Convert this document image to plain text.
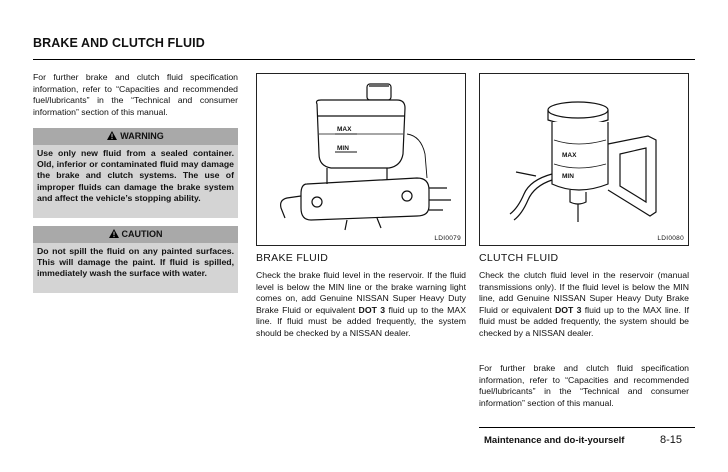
BRAKE AND CLUTCH FLUID
For further brake and clutch fluid specification information, refer to “Capacities and recommended fuel/lubricants” in the “Technical and consumer information” section of this manual.
WARNING
Use only new fluid from a sealed container. Old, inferior or contaminated fluid may damage the brake and clutch systems. The use of improper fluids can damage the brake system and affect the vehicle’s stopping ability.
CAUTION
Do not spill the fluid on any painted surfaces. This will damage the paint. If fluid is spilled, immediately wash the surface with water.
MAX
MIN
LDI0079
MAX
MIN
LDI0080
BRAKE FLUID
Check the brake fluid level in the reservoir. If the fluid level is below the MIN line or the brake warning light comes on, add Genuine NISSAN Super Heavy Duty Brake Fluid or equivalent DOT 3 fluid up to the MAX line. If fluid must be added frequently, the system should be checked by a NISSAN dealer.
CLUTCH FLUID
Check the clutch fluid level in the reservoir (manual transmissions only). If the fluid level is below the MIN line, add Genuine NISSAN Super Heavy Duty Brake Fluid or equivalent DOT 3 fluid up to the MAX line. If fluid must be added frequently, the system should be checked by a NISSAN dealer.
For further brake and clutch fluid specification information, refer to “Capacities and recommended fuel/lubricants” in the “Technical and consumer information” section of this manual.
Maintenance and do-it-yourself	8-15
